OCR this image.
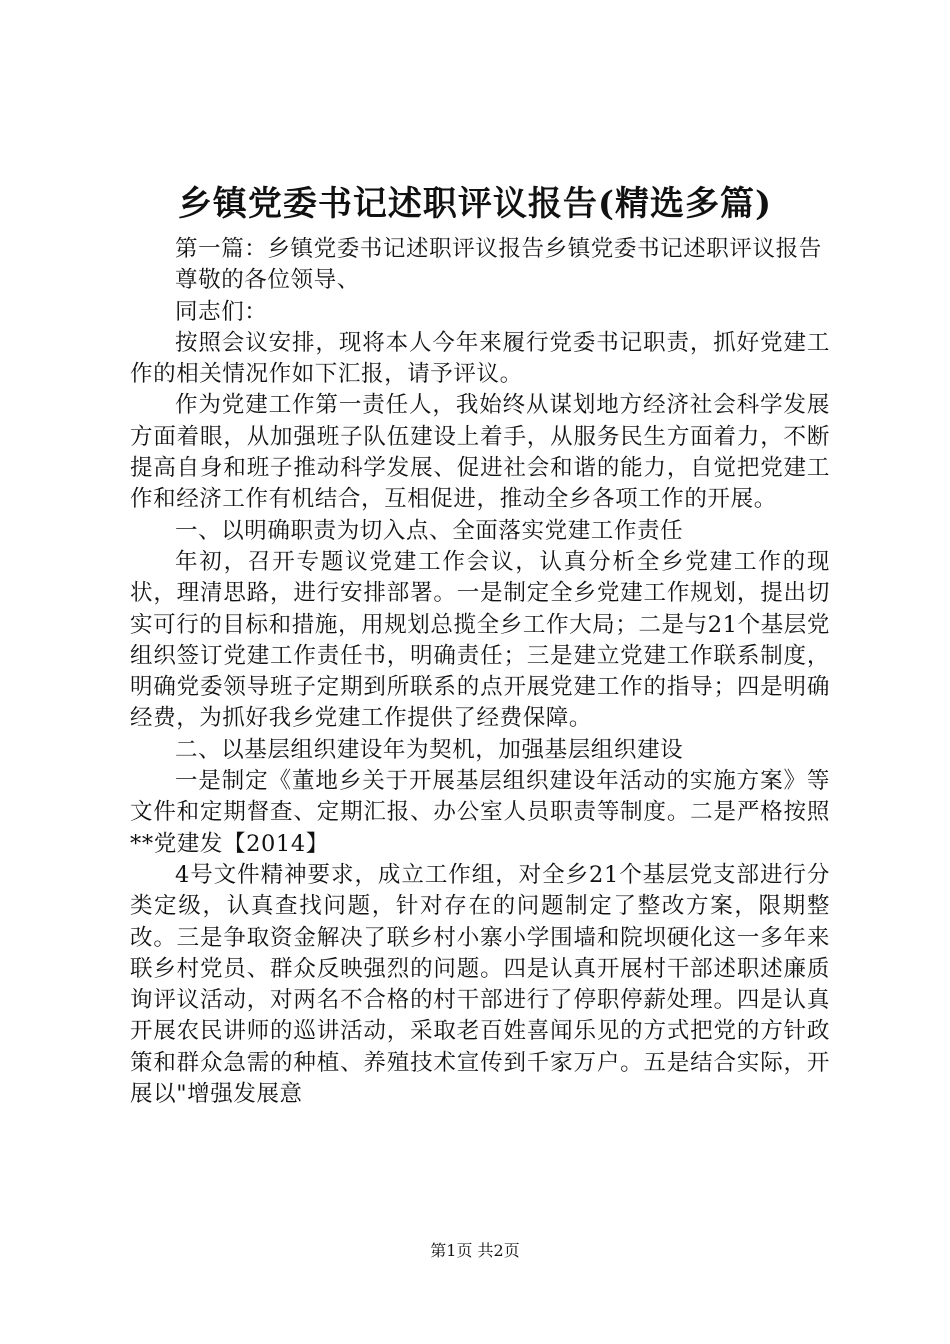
乡镇党委书记述职评议报告(精选多篇)

第一篇：乡镇党委书记述职评议报告乡镇党委书记述职评议报告

尊敬的各位领导、

同志们：

按照会议安排，现将本人今年来履行党委书记职责，抓好党建工作的相关情况作如下汇报，请予评议。

作为党建工作第一责任人，我始终从谋划地方经济社会科学发展方面着眼，从加强班子队伍建设上着手，从服务民生方面着力，不断提高自身和班子推动科学发展、促进社会和谐的能力，自觉把党建工作和经济工作有机结合，互相促进，推动全乡各项工作的开展。

一、以明确职责为切入点、全面落实党建工作责任

年初，召开专题议党建工作会议，认真分析全乡党建工作的现状，理清思路，进行安排部署。一是制定全乡党建工作规划，提出切实可行的目标和措施，用规划总揽全乡工作大局；二是与21个基层党组织签订党建工作责任书，明确责任；三是建立党建工作联系制度，明确党委领导班子定期到所联系的点开展党建工作的指导；四是明确经费，为抓好我乡党建工作提供了经费保障。

二、以基层组织建设年为契机，加强基层组织建设

一是制定《董地乡关于开展基层组织建设年活动的实施方案》等文件和定期督查、定期汇报、办公室人员职责等制度。二是严格按照**党建发【2014】

4号文件精神要求，成立工作组，对全乡21个基层党支部进行分类定级，认真查找问题，针对存在的问题制定了整改方案，限期整改。三是争取资金解决了联乡村小寨小学围墙和院坝硬化这一多年来联乡村党员、群众反映强烈的问题。四是认真开展村干部述职述廉质询评议活动，对两名不合格的村干部进行了停职停薪处理。四是认真开展农民讲师的巡讲活动，采取老百姓喜闻乐见的方式把党的方针政策和群众急需的种植、养殖技术宣传到千家万户。五是结合实际，开展以"增强发展意

第1页 共2页
